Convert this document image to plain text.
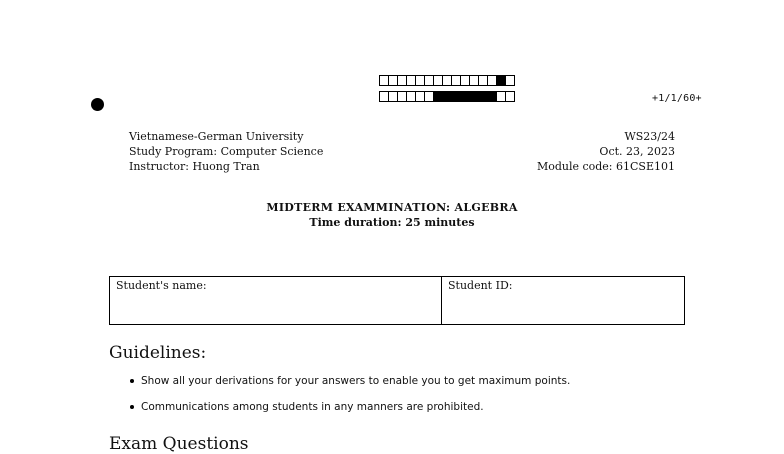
+1/1/60+
Vietnamese-German University
Study Program: Computer Science
Instructor: Huong Tran
WS23/24
Oct. 23, 2023
Module code: 61CSE101
MIDTERM EXAMMINATION: ALGEBRA
Time duration: 25 minutes
Student's name:	Student ID:
Guidelines:
Show all your derivations for your answers to enable you to get maximum points.
Communications among students in any manners are prohibited.
Exam Questions
